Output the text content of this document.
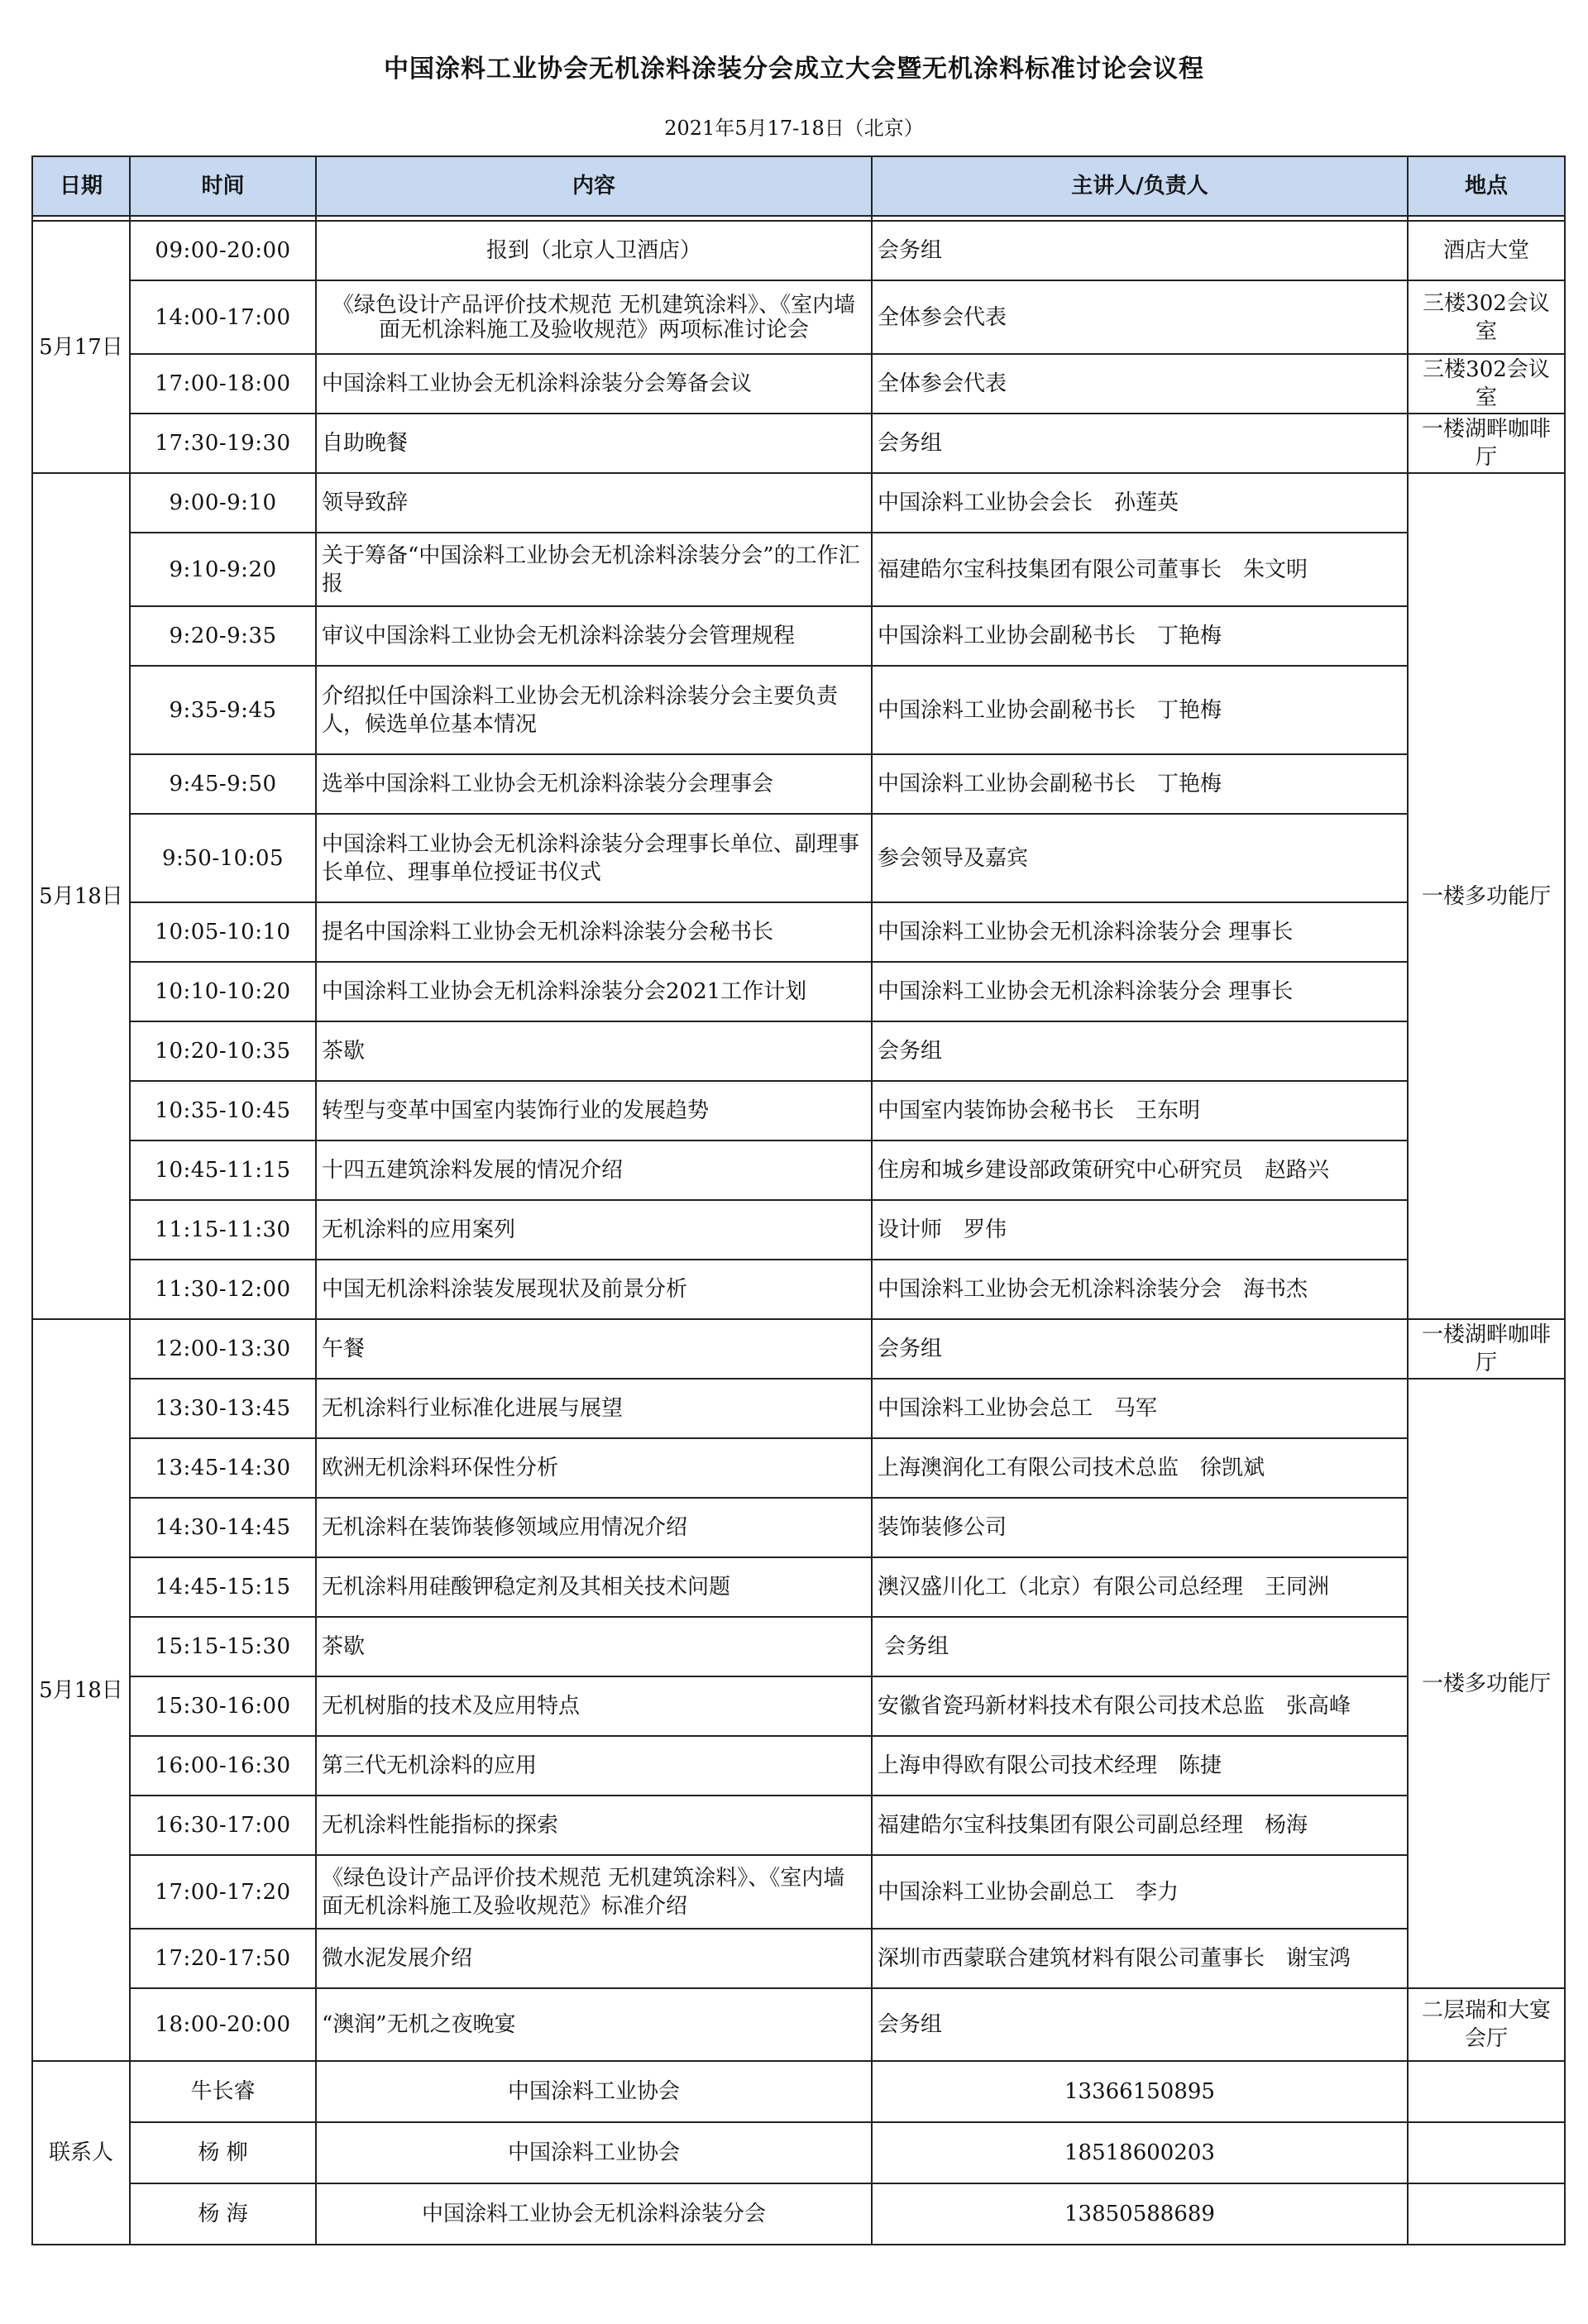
中国涂料工业协会无机涂料涂装分会成立大会暨无机涂料标准讨论会议程
2021年5月17-18日（北京）
日期	时间	内容	主讲人/负责人	地点

5月17日	09:00-20:00	报到（北京人卫酒店）	会务组	酒店大堂
	14:00-17:00	《绿色设计产品评价技术规范 无机建筑涂料》、《室内墙面无机涂料施工及验收规范》两项标准讨论会	全体参会代表	三楼302会议室
	17:00-18:00	中国涂料工业协会无机涂料涂装分会筹备会议	全体参会代表	三楼302会议室
	17:30-19:30	自助晚餐	会务组	一楼湖畔咖啡厅
5月18日	9:00-9:10	领导致辞	中国涂料工业协会会长　孙莲英	一楼多功能厅
	9:10-9:20	关于筹备“中国涂料工业协会无机涂料涂装分会”的工作汇报	福建皓尔宝科技集团有限公司董事长　朱文明	
	9:20-9:35	审议中国涂料工业协会无机涂料涂装分会管理规程	中国涂料工业协会副秘书长　丁艳梅	
	9:35-9:45	介绍拟任中国涂料工业协会无机涂料涂装分会主要负责人，候选单位基本情况	中国涂料工业协会副秘书长　丁艳梅	
	9:45-9:50	选举中国涂料工业协会无机涂料涂装分会理事会	中国涂料工业协会副秘书长　丁艳梅	
	9:50-10:05	中国涂料工业协会无机涂料涂装分会理事长单位、副理事长单位、理事单位授证书仪式	参会领导及嘉宾	
	10:05-10:10	提名中国涂料工业协会无机涂料涂装分会秘书长	中国涂料工业协会无机涂料涂装分会 理事长	
	10:10-10:20	中国涂料工业协会无机涂料涂装分会2021工作计划	中国涂料工业协会无机涂料涂装分会 理事长	
	10:20-10:35	茶歇	会务组	
	10:35-10:45	转型与变革中国室内装饰行业的发展趋势	中国室内装饰协会秘书长　王东明	
	10:45-11:15	十四五建筑涂料发展的情况介绍	住房和城乡建设部政策研究中心研究员　赵路兴	
	11:15-11:30	无机涂料的应用案列	设计师　罗伟	
	11:30-12:00	中国无机涂料涂装发展现状及前景分析	中国涂料工业协会无机涂料涂装分会　海书杰	
5月18日	12:00-13:30	午餐	会务组	一楼湖畔咖啡厅
	13:30-13:45	无机涂料行业标准化进展与展望	中国涂料工业协会总工　马军	一楼多功能厅
	13:45-14:30	欧洲无机涂料环保性分析	上海澳润化工有限公司技术总监　徐凯斌	
	14:30-14:45	无机涂料在装饰装修领域应用情况介绍	装饰装修公司	
	14:45-15:15	无机涂料用硅酸钾稳定剂及其相关技术问题	澳汉盛川化工（北京）有限公司总经理　王同洲	
	15:15-15:30	茶歇	会务组	
	15:30-16:00	无机树脂的技术及应用特点	安徽省瓷玛新材料技术有限公司技术总监　张高峰	
	16:00-16:30	第三代无机涂料的应用	上海申得欧有限公司技术经理　陈捷	
	16:30-17:00	无机涂料性能指标的探索	福建皓尔宝科技集团有限公司副总经理　杨海	
	17:00-17:20	《绿色设计产品评价技术规范 无机建筑涂料》、《室内墙面无机涂料施工及验收规范》标准介绍	中国涂料工业协会副总工　李力	
	17:20-17:50	微水泥发展介绍	深圳市西蒙联合建筑材料有限公司董事长　谢宝鸿	
	18:00-20:00	“澳润”无机之夜晚宴	会务组	二层瑞和大宴会厅
联系人	牛长睿	中国涂料工业协会	13366150895	
	杨 柳	中国涂料工业协会	18518600203	
	杨 海	中国涂料工业协会无机涂料涂装分会	13850588689	
